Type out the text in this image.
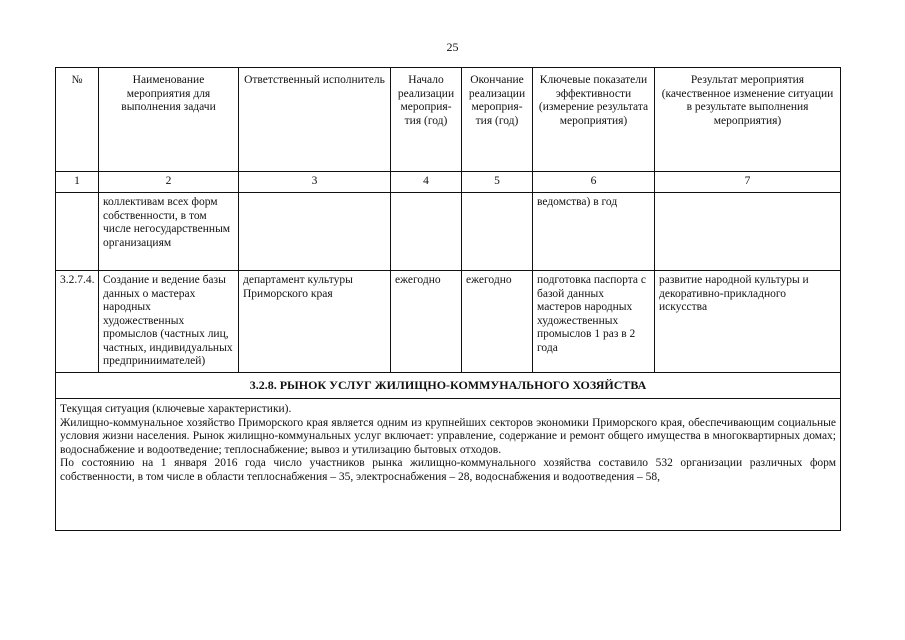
25
№	Наименование мероприятия для выполнения задачи	Ответственный исполнитель	Начало реализации мероприя-тия (год)	Окончание реализации мероприя-тия (год)	Ключевые показатели эффективности (измерение результата мероприятия)	Результат мероприятия (качественное изменение ситуации в результате выполнения мероприятия)
1	2	3	4	5	6	7
	коллективам всех форм собственности, в том числе негосударственным организациям				ведомства) в год	
3.2.7.4.	Создание и ведение базы данных о мастерах народных художественных промыслов (частных лиц, частных, индивидуальных предприниимателей)	департамент культуры Приморского края	ежегодно	ежегодно	подготовка паспорта с базой данных мастеров народных художественных промыслов 1 раз в 2 года	развитие народной культуры и декоративно-прикладного искусства
3.2.8. РЫНОК УСЛУГ ЖИЛИЩНО-КОММУНАЛЬНОГО ХОЗЯЙСТВА						

Текущая ситуация (ключевые характеристики).

Жилищно-коммунальное хозяйство Приморского края является одним из крупнейших секторов экономики Приморского края, обеспечивающим социальные условия жизни населения. Рынок жилищно-коммунальных услуг включает: управление, содержание и ремонт общего имущества в многоквартирных домах; водоснабжение и водоотведение; теплоснабжение; вывоз и утилизацию бытовых отходов.

По состоянию на 1 января 2016 года число участников рынка жилищно-коммунального хозяйства составило 532 организации различных форм собственности, в том числе в области теплоснабжения – 35, электроснабжения – 28, водоснабжения и водоотведения – 58,						
